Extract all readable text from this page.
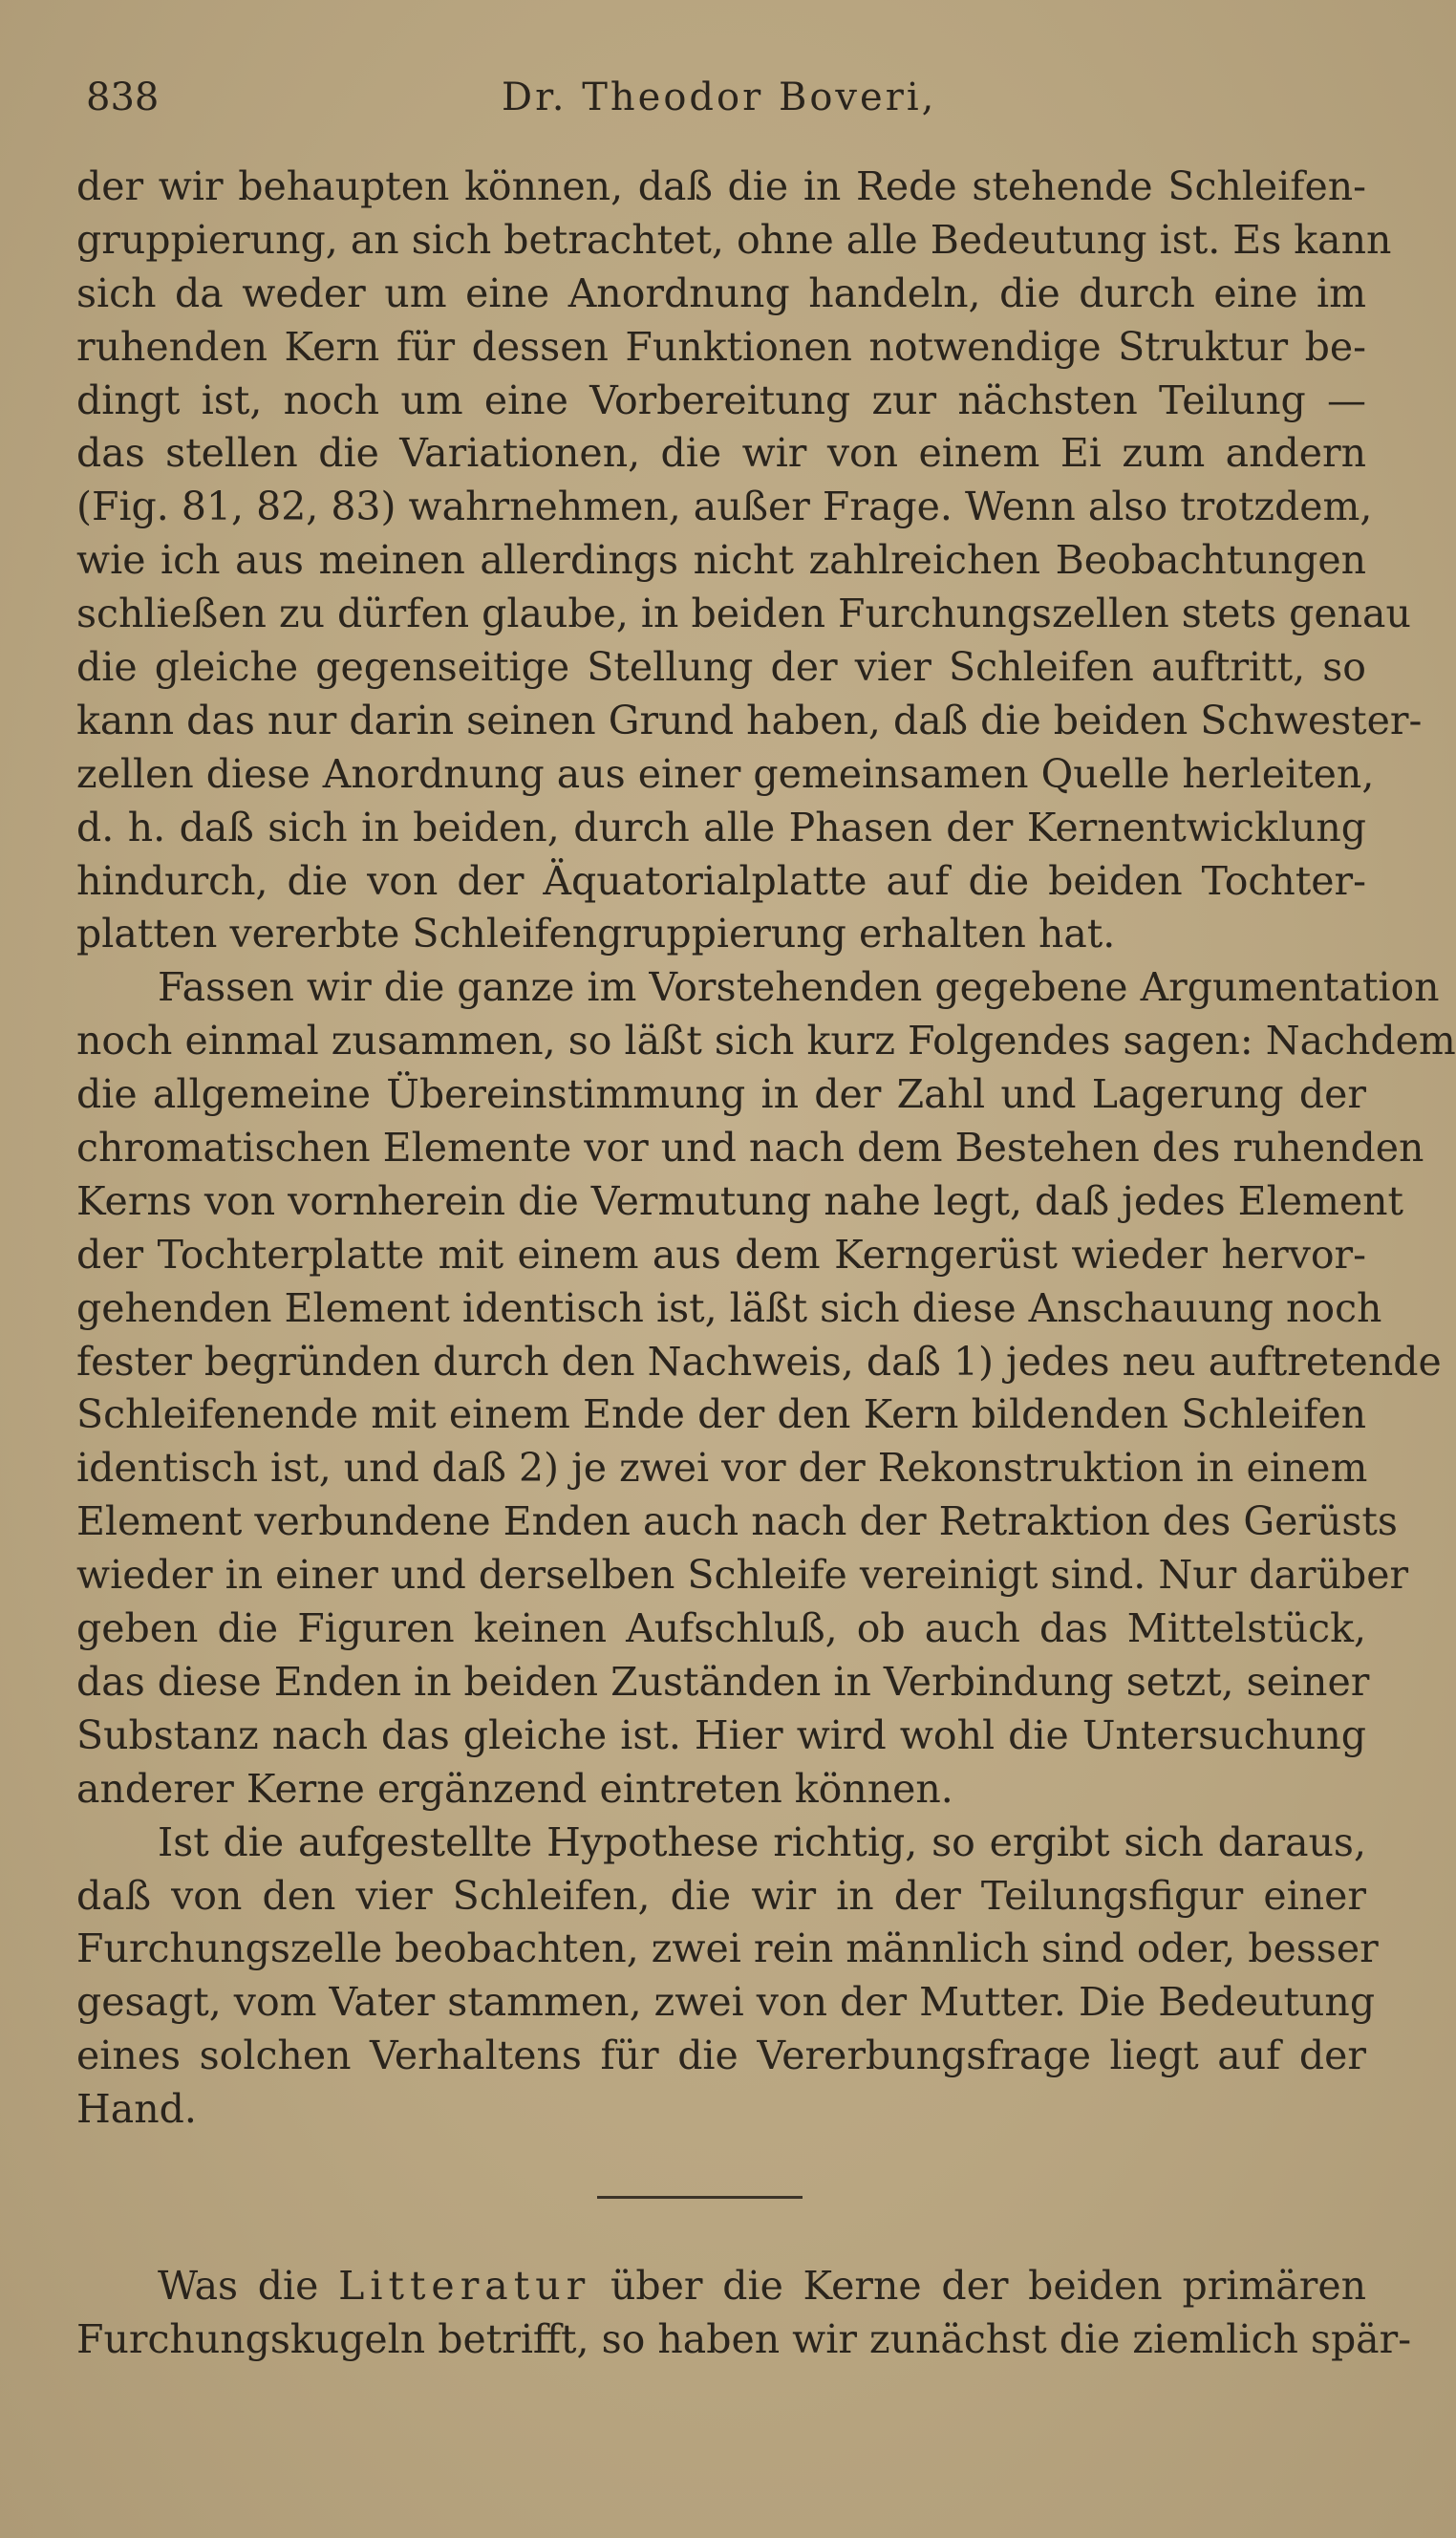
838	Dr. Theodor Boveri,
der wir behaupten können, daß die in Rede stehende Schleifen-
gruppierung, an sich betrachtet, ohne alle Bedeutung ist. Es kann
sich da weder um eine Anordnung handeln, die durch eine im
ruhenden Kern für dessen Funktionen notwendige Struktur be-
dingt ist, noch um eine Vorbereitung zur nächsten Teilung —
das stellen die Variationen, die wir von einem Ei zum andern
(Fig. 81, 82, 83) wahrnehmen, außer Frage. Wenn also trotzdem,
wie ich aus meinen allerdings nicht zahlreichen Beobachtungen
schließen zu dürfen glaube, in beiden Furchungszellen stets genau
die gleiche gegenseitige Stellung der vier Schleifen auftritt, so
kann das nur darin seinen Grund haben, daß die beiden Schwester-
zellen diese Anordnung aus einer gemeinsamen Quelle herleiten,
d. h. daß sich in beiden, durch alle Phasen der Kernentwicklung
hindurch, die von der Äquatorialplatte auf die beiden Tochter-
platten vererbte Schleifengruppierung erhalten hat.
Fassen wir die ganze im Vorstehenden gegebene Argumentation
noch einmal zusammen, so läßt sich kurz Folgendes sagen: Nachdem
die allgemeine Übereinstimmung in der Zahl und Lagerung der
chromatischen Elemente vor und nach dem Bestehen des ruhenden
Kerns von vornherein die Vermutung nahe legt, daß jedes Element
der Tochterplatte mit einem aus dem Kerngerüst wieder hervor-
gehenden Element identisch ist, läßt sich diese Anschauung noch
fester begründen durch den Nachweis, daß 1) jedes neu auftretende
Schleifenende mit einem Ende der den Kern bildenden Schleifen
identisch ist, und daß 2) je zwei vor der Rekonstruktion in einem
Element verbundene Enden auch nach der Retraktion des Gerüsts
wieder in einer und derselben Schleife vereinigt sind. Nur darüber
geben die Figuren keinen Aufschluß, ob auch das Mittelstück,
das diese Enden in beiden Zuständen in Verbindung setzt, seiner
Substanz nach das gleiche ist. Hier wird wohl die Untersuchung
anderer Kerne ergänzend eintreten können.
Ist die aufgestellte Hypothese richtig, so ergibt sich daraus,
daß von den vier Schleifen, die wir in der Teilungsfigur einer
Furchungszelle beobachten, zwei rein männlich sind oder, besser
gesagt, vom Vater stammen, zwei von der Mutter. Die Bedeutung
eines solchen Verhaltens für die Vererbungsfrage liegt auf der
Hand.
Was die Litteratur über die Kerne der beiden primären
Furchungskugeln betrifft, so haben wir zunächst die ziemlich spär-
